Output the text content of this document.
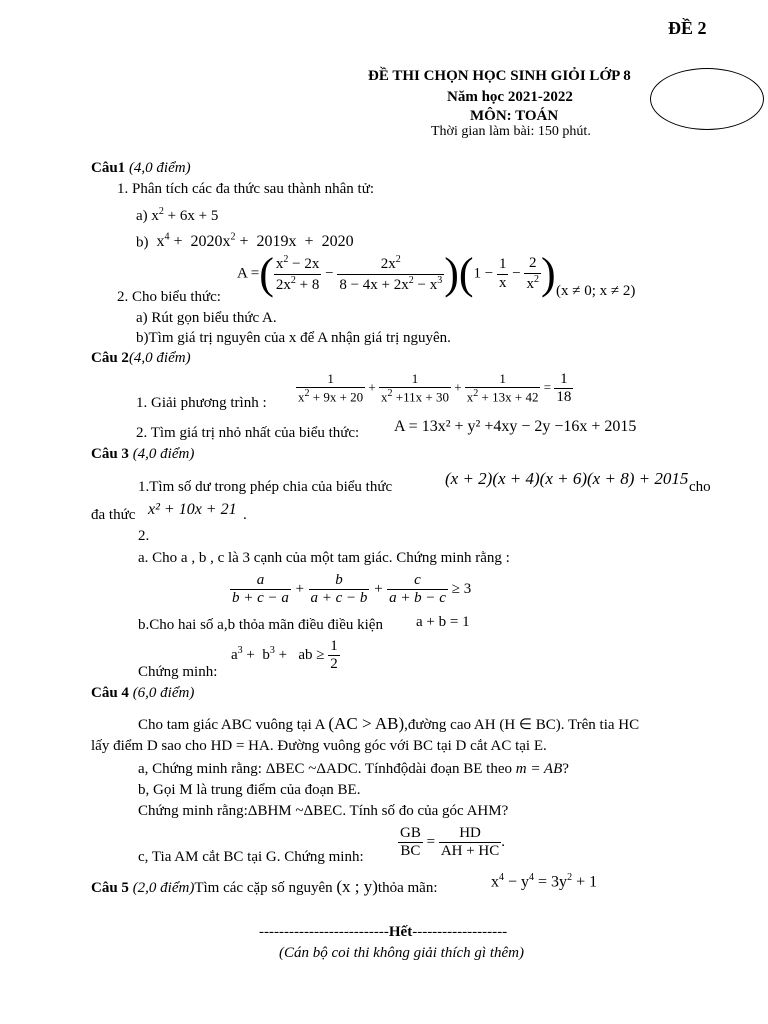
ĐỀ 2
ĐỀ THI CHỌN HỌC SINH GIỎI LỚP 8
Năm học 2021-2022
MÔN: TOÁN
Thời gian làm bài: 150 phút.
Câu1 (4,0 điểm)
1. Phân tích các đa thức sau thành nhân tử:
a) $x^2 + 6x + 5$
b)  $x^4 + 2020x^2 + 2019x + 2020$
A =( $\frac{x^2 - 2x}{2x^2 + 8} - \frac{2x^2}{8 - 4x + 2x^2 - x^3} )(1 - \frac{1}{x} - \frac{2}{x^2}$ )
2. Cho biểu thức:	(x ≠ 0; x ≠ 2)
a) Rút gọn biểu thức A.
b)Tìm giá trị nguyên của x để A nhận giá trị nguyên.
Câu 2(4,0 điểm)
1. Giải phương trình : $\frac{1}{x^2 + 9x + 20} + \frac{1}{x^2 +11x + 30} + \frac{1}{x^2 + 13x + 42} = \frac{1}{18}$
2. Tìm giá trị nhỏ nhất của biểu thức: A = 13x² + y² +4xy − 2y −16x + 2015
Câu 3 (4,0 điểm)
1.Tìm số dư trong phép chia của biểu thức	(x + 2)(x + 4)(x + 6)(x + 8) + 2015 cho
đa thức x² + 10x + 21 .
2.
a. Cho a , b , c là 3 cạnh của một tam giác. Chứng minh rằng :
$\frac{a}{b + c - a} + \frac{b}{a + c - b} + \frac{c}{a + b - c} \ge 3$
b.Cho hai số a,b thỏa mãn điều điều kiện a + b = 1
$a^3 + b^3$ +   ab ≥ $\frac{1}{2}$
Chứng minh:
Câu 4 (6,0 điểm)
Cho tam giác ABC vuông tại A (AC > AB),đường cao AH (H ∈ BC). Trên tia HC
lấy điểm D sao cho HD = HA. Đường vuông góc với BC tại D cắt AC tại E.
a, Chứng minh rằng: ΔBEC ~ΔADC. Tínhđộdài đoạn BE theo m = AB?
b, Gọi M là trung điểm của đoạn BE.
Chứng minh rằng:ΔBHM ~ΔBEC. Tính số đo của góc AHM?
c, Tia AM cắt BC tại G. Chứng minh: $\frac{GB}{BC} = \frac{HD}{AH + HC}$ .
Câu 5 (2,0 điểm)Tìm các cặp số nguyên (x ; y)thỏa mãn:	$x^4 - y^4 = 3y^2 + 1$
--------------------------Hết-------------------
(Cán bộ coi thi không giải thích gì thêm)
